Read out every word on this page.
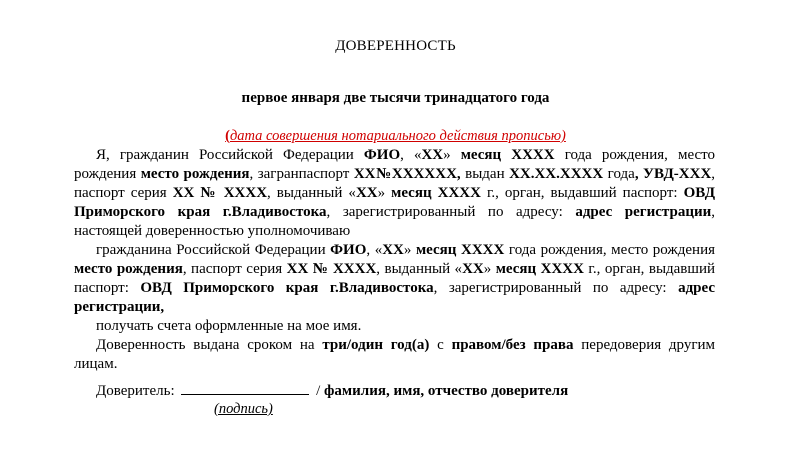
ДОВЕРЕННОСТЬ
первое января две тысячи тринадцатого года
(дата совершения нотариального действия прописью)

Я, гражданин Российской Федерации ФИО, «ХХ» месяц ХХХХ года рождения, место рождения место рождения, загранпаспорт ХХ№ХХХХХХ, выдан ХХ.ХХ.ХХХХ года, УВД-ХХХ, паспорт серия ХХ № ХХХХ, выданный «ХХ» месяц ХХХХ г., орган, выдавший паспорт: ОВД Приморского края г.Владивостока, зарегистрированный по адресу: адрес регистрации, настоящей доверенностью уполномочиваю

гражданина Российской Федерации ФИО, «ХХ» месяц ХХХХ года рождения, место рождения место рождения, паспорт серия ХХ № ХХХХ, выданный «ХХ» месяц ХХХХ г., орган, выдавший паспорт: ОВД Приморского края г.Владивостока, зарегистрированный по адресу: адрес регистрации,

получать счета оформленные на мое имя.

Доверенность выдана сроком на три/один год(а) с правом/без права передоверия другим лицам.

Доверитель:	/ фамилия, имя, отчество доверителя
(подпись)
